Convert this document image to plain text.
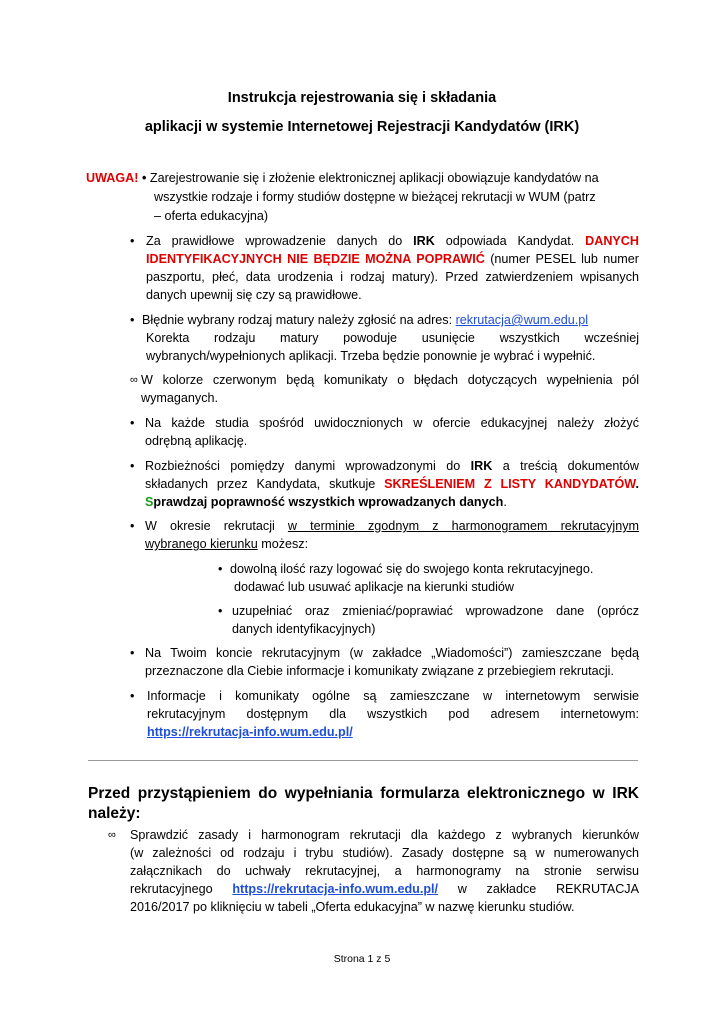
Instrukcja rejestrowania się i składania
aplikacji w systemie Internetowej Rejestracji Kandydatów (IRK)
UWAGA! • Zarejestrowanie się i złożenie elektronicznej aplikacji obowiązuje kandydatów na
wszystkie rodzaje i formy studiów dostępne w bieżącej rekrutacji w WUM (patrz
– oferta edukacyjna)
• Za prawidłowe wprowadzenie danych do IRK odpowiada Kandydat. DANYCH
IDENTYFIKACYJNYCH NIE BĘDZIE MOŻNA POPRAWIĆ (numer PESEL lub numer
paszportu, płeć, data urodzenia i rodzaj matury). Przed zatwierdzeniem wpisanych
danych upewnij się czy są prawidłowe.
• Błędnie wybrany rodzaj matury należy zgłosić na adres: rekrutacja@wum.edu.pl
Korekta rodzaju matury powoduje usunięcie wszystkich wcześniej
wybranych/wypełnionych aplikacji. Trzeba będzie ponownie je wybrać i wypełnić.
∞ W kolorze czerwonym będą komunikaty o błędach dotyczących wypełnienia pól
wymaganych.
• Na każde studia spośród uwidocznionych w ofercie edukacyjnej należy złożyć
odrębną aplikację.
• Rozbieżności pomiędzy danymi wprowadzonymi do IRK a treścią dokumentów
składanych przez Kandydata, skutkuje SKREŚLENIEM Z LISTY KANDYDATÓW.
Sprawdzaj poprawność wszystkich wprowadzanych danych.
• W okresie rekrutacji w terminie zgodnym z harmonogramem rekrutacyjnym
wybranego kierunku możesz:
• dowolną ilość razy logować się do swojego konta rekrutacyjnego.
dodawać lub usuwać aplikacje na kierunki studiów
• uzupełniać oraz zmieniać/poprawiać wprowadzone dane (oprócz
danych identyfikacyjnych)
• Na Twoim koncie rekrutacyjnym (w zakładce „Wiadomości”) zamieszczane będą
przeznaczone dla Ciebie informacje i komunikaty związane z przebiegiem rekrutacji.
• Informacje i komunikaty ogólne są zamieszczane w internetowym serwisie
rekrutacyjnym dostępnym dla wszystkich pod adresem internetowym:
https://rekrutacja-info.wum.edu.pl/
Przed przystąpieniem do wypełniania formularza elektronicznego w IRK
należy:
∞ Sprawdzić zasady i harmonogram rekrutacji dla każdego z wybranych kierunków
(w zależności od rodzaju i trybu studiów). Zasady dostępne są w numerowanych
załącznikach do uchwały rekrutacyjnej, a harmonogramy na stronie serwisu
rekrutacyjnego https://rekrutacja-info.wum.edu.pl/ w zakładce REKRUTACJA
2016/2017 po kliknięciu w tabeli „Oferta edukacyjna” w nazwę kierunku studiów.
Strona 1 z 5
